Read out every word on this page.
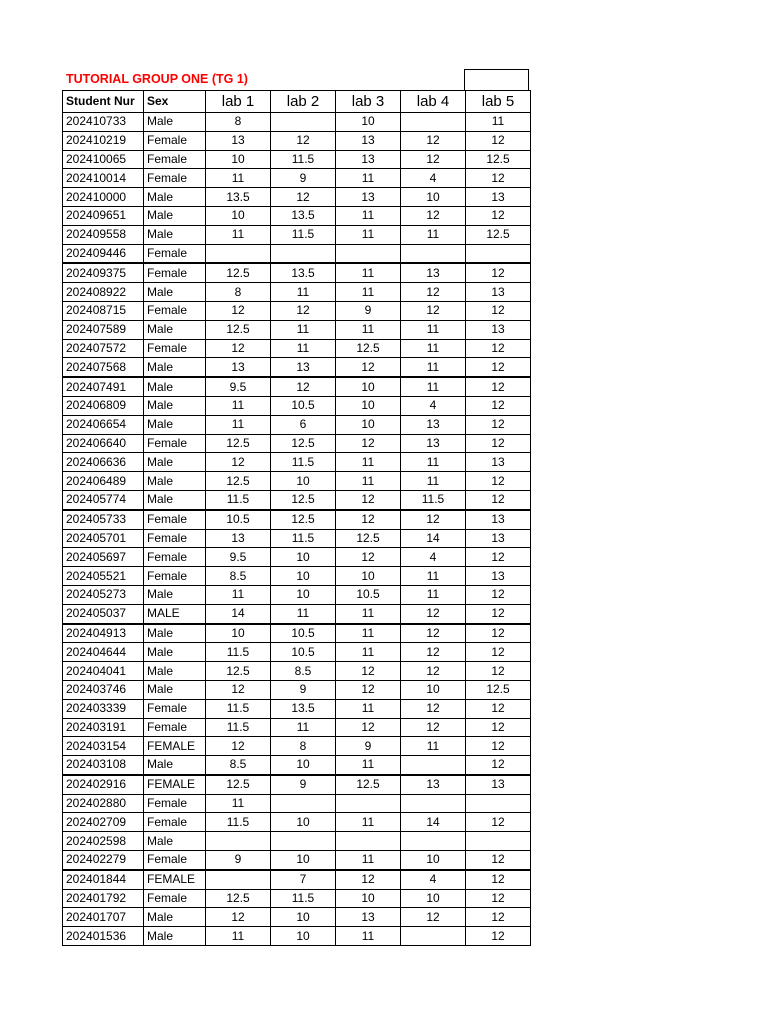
TUTORIAL GROUP ONE (TG 1)
Student Nur	Sex	lab 1	lab 2	lab 3	lab 4	lab 5
202410733	Male	8		10		11
202410219	Female	13	12	13	12	12
202410065	Female	10	11.5	13	12	12.5
202410014	Female	11	9	11	4	12
202410000	Male	13.5	12	13	10	13
202409651	Male	10	13.5	11	12	12
202409558	Male	11	11.5	11	11	12.5
202409446	Female					
202409375	Female	12.5	13.5	11	13	12
202408922	Male	8	11	11	12	13
202408715	Female	12	12	9	12	12
202407589	Male	12.5	11	11	11	13
202407572	Female	12	11	12.5	11	12
202407568	Male	13	13	12	11	12
202407491	Male	9.5	12	10	11	12
202406809	Male	11	10.5	10	4	12
202406654	Male	11	6	10	13	12
202406640	Female	12.5	12.5	12	13	12
202406636	Male	12	11.5	11	11	13
202406489	Male	12.5	10	11	11	12
202405774	Male	11.5	12.5	12	11.5	12
202405733	Female	10.5	12.5	12	12	13
202405701	Female	13	11.5	12.5	14	13
202405697	Female	9.5	10	12	4	12
202405521	Female	8.5	10	10	11	13
202405273	Male	11	10	10.5	11	12
202405037	MALE	14	11	11	12	12
202404913	Male	10	10.5	11	12	12
202404644	Male	11.5	10.5	11	12	12
202404041	Male	12.5	8.5	12	12	12
202403746	Male	12	9	12	10	12.5
202403339	Female	11.5	13.5	11	12	12
202403191	Female	11.5	11	12	12	12
202403154	FEMALE	12	8	9	11	12
202403108	Male	8.5	10	11		12
202402916	FEMALE	12.5	9	12.5	13	13
202402880	Female	11				
202402709	Female	11.5	10	11	14	12
202402598	Male					
202402279	Female	9	10	11	10	12
202401844	FEMALE		7	12	4	12
202401792	Female	12.5	11.5	10	10	12
202401707	Male	12	10	13	12	12
202401536	Male	11	10	11		12
